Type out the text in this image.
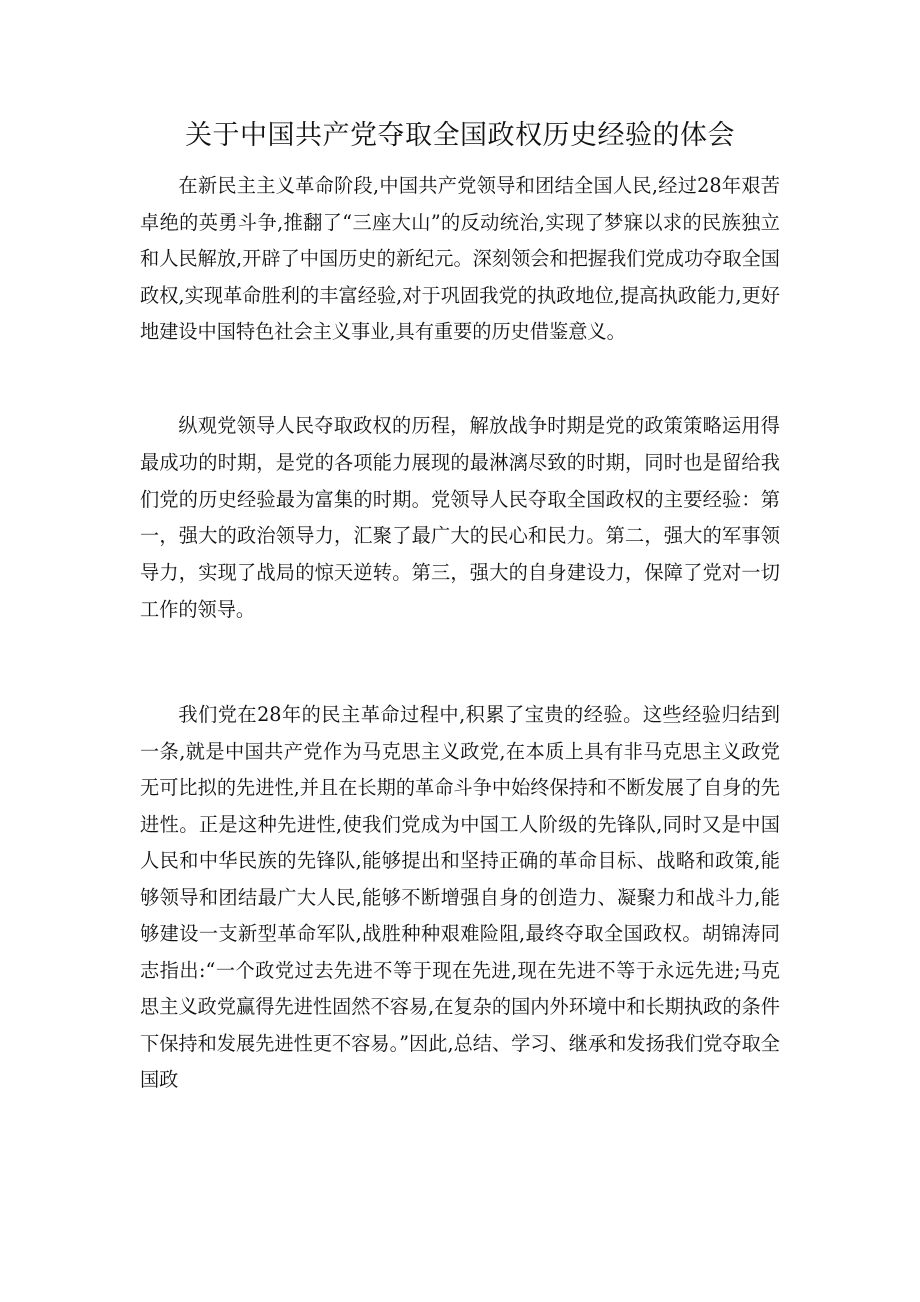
关于中国共产党夺取全国政权历史经验的体会

在新民主主义革命阶段,中国共产党领导和团结全国人民,经过28年艰苦卓绝的英勇斗争,推翻了“三座大山”的反动统治,实现了梦寐以求的民族独立和人民解放,开辟了中国历史的新纪元。深刻领会和把握我们党成功夺取全国政权,实现革命胜利的丰富经验,对于巩固我党的执政地位,提高执政能力,更好地建设中国特色社会主义事业,具有重要的历史借鉴意义。

纵观党领导人民夺取政权的历程，解放战争时期是党的政策策略运用得最成功的时期，是党的各项能力展现的最淋漓尽致的时期，同时也是留给我们党的历史经验最为富集的时期。党领导人民夺取全国政权的主要经验：第一，强大的政治领导力，汇聚了最广大的民心和民力。第二，强大的军事领导力，实现了战局的惊天逆转。第三，强大的自身建设力，保障了党对一切工作的领导。

我们党在28年的民主革命过程中,积累了宝贵的经验。这些经验归结到一条,就是中国共产党作为马克思主义政党,在本质上具有非马克思主义政党无可比拟的先进性,并且在长期的革命斗争中始终保持和不断发展了自身的先进性。正是这种先进性,使我们党成为中国工人阶级的先锋队,同时又是中国人民和中华民族的先锋队,能够提出和坚持正确的革命目标、战略和政策,能够领导和团结最广大人民,能够不断增强自身的创造力、凝聚力和战斗力,能够建设一支新型革命军队,战胜种种艰难险阻,最终夺取全国政权。胡锦涛同志指出:“一个政党过去先进不等于现在先进,现在先进不等于永远先进;马克思主义政党赢得先进性固然不容易,在复杂的国内外环境中和长期执政的条件下保持和发展先进性更不容易。”因此,总结、学习、继承和发扬我们党夺取全国政
